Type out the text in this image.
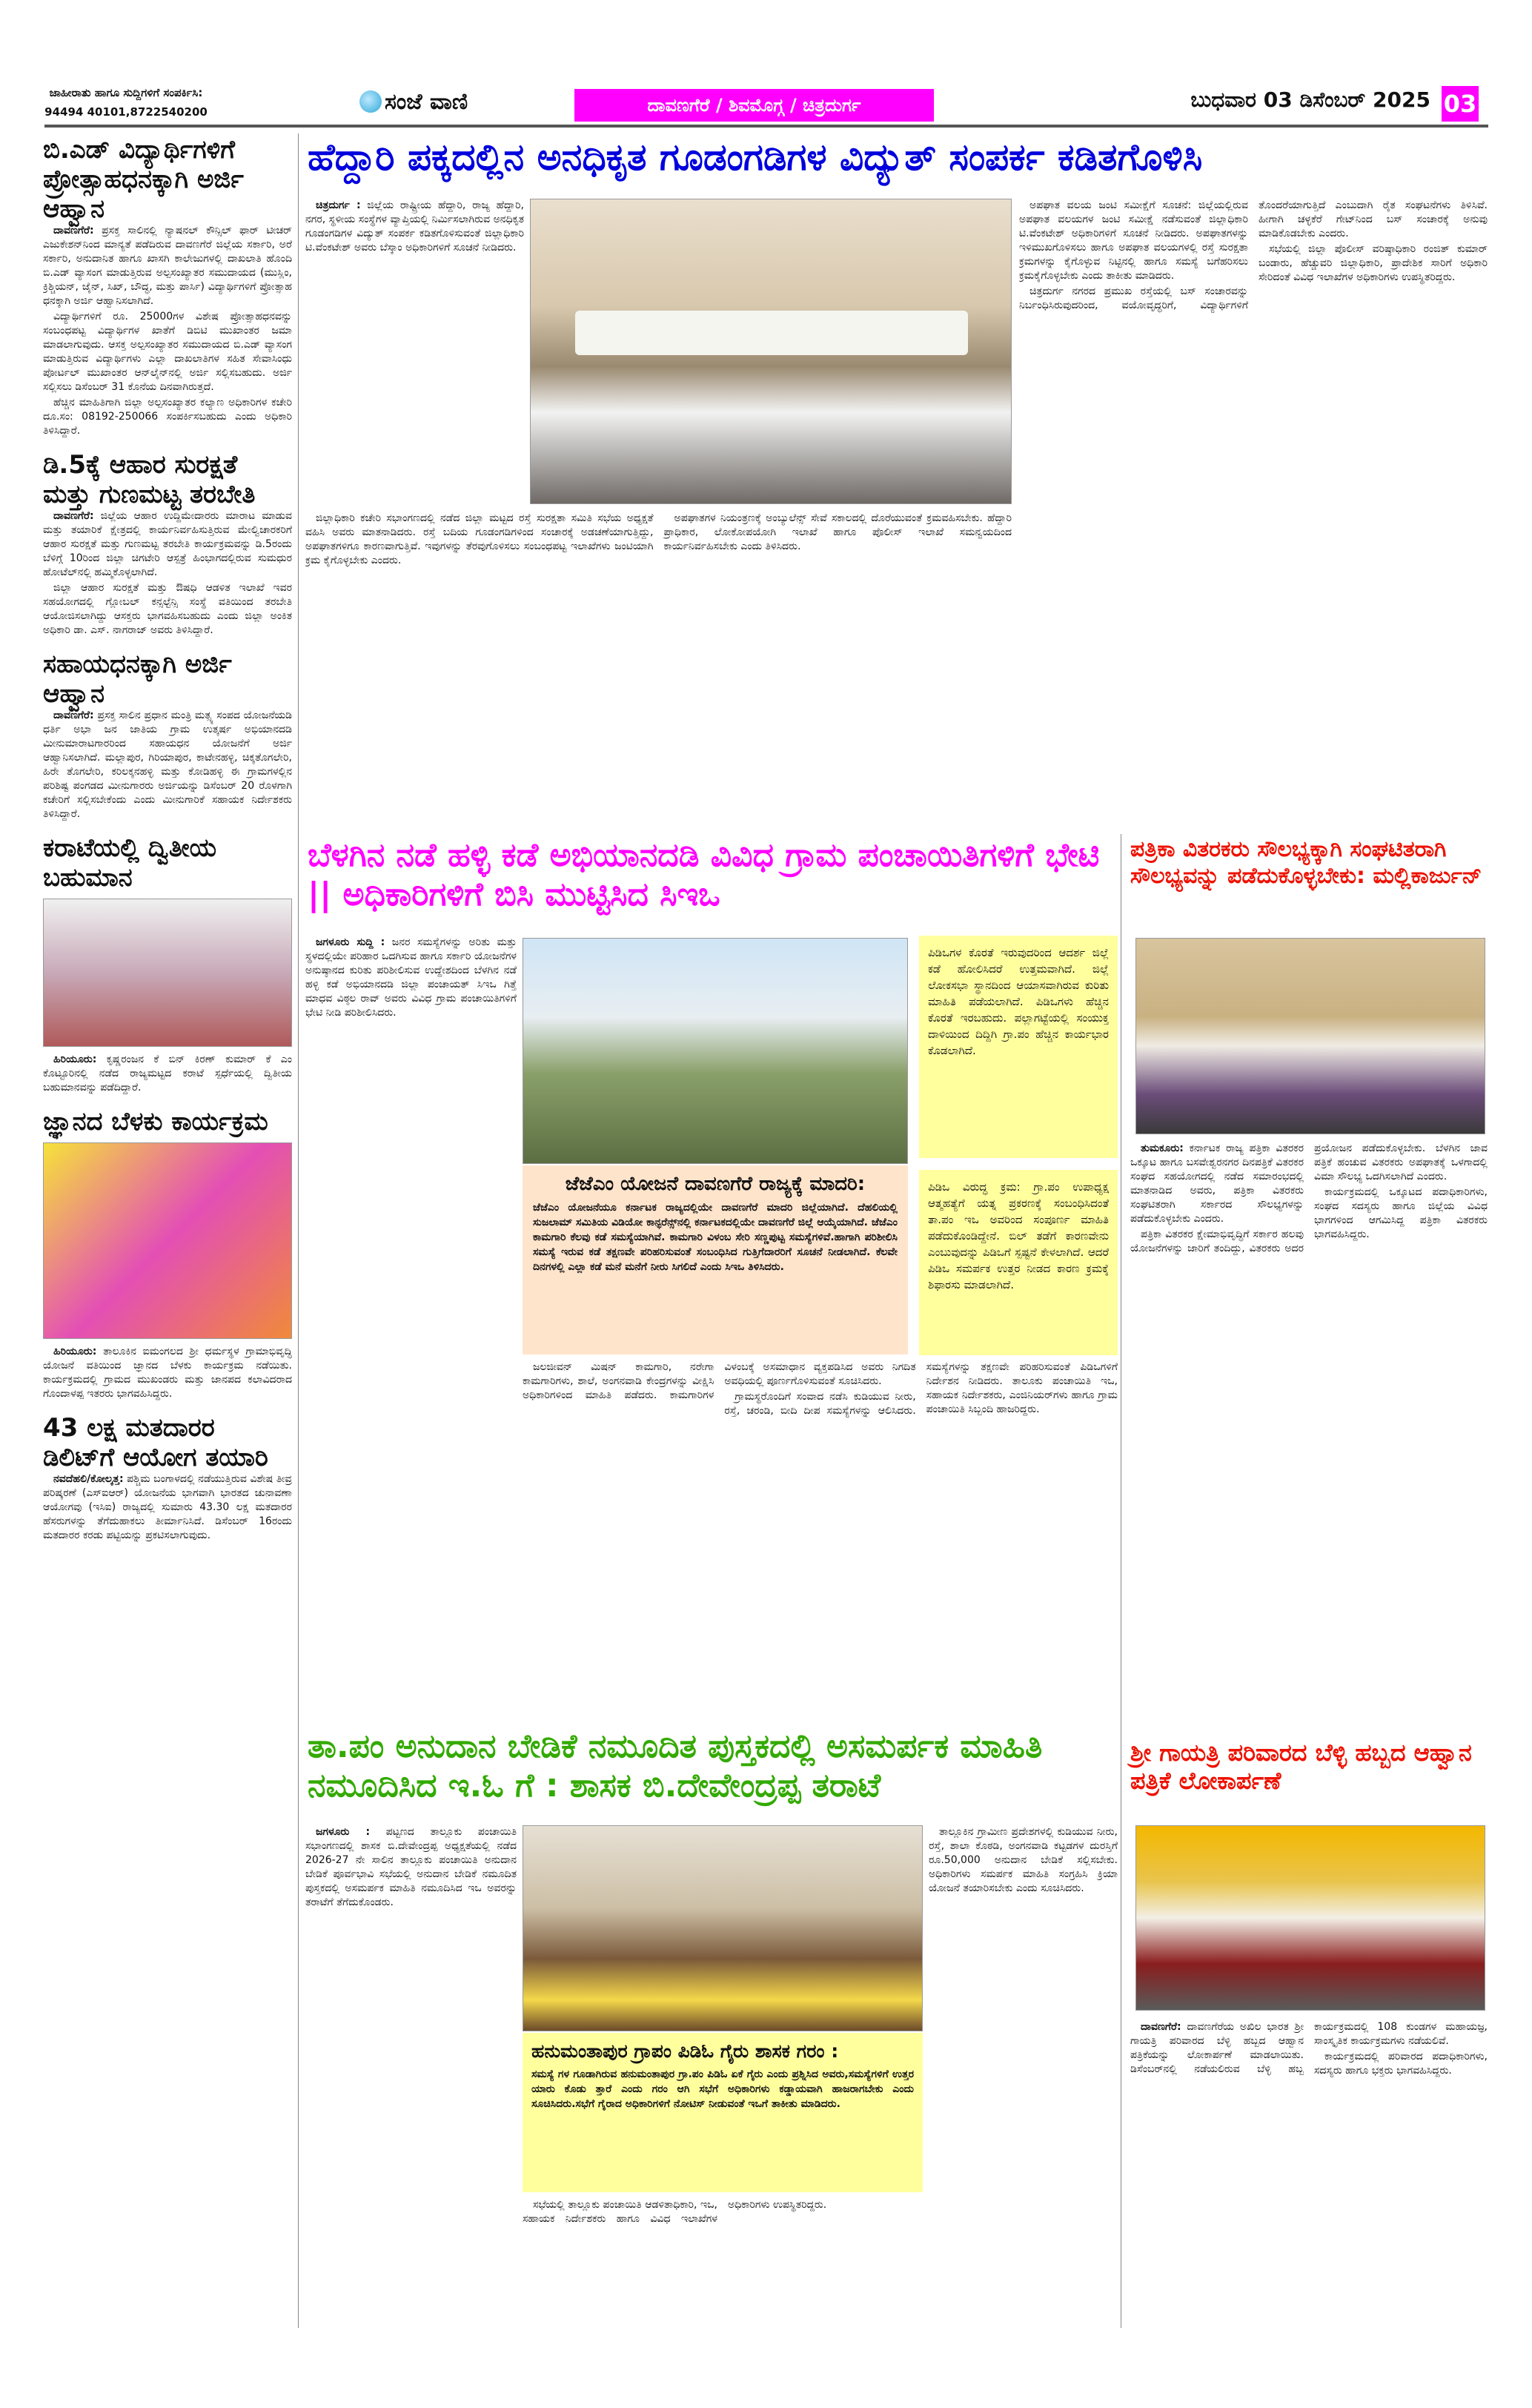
ಜಾಹೀರಾತು ಹಾಗೂ ಸುದ್ದಿಗಳಿಗೆ ಸಂಪರ್ಕಿಸಿ:
94494 40101,8722540200	ಸಂಜೆ ವಾಣಿ	ದಾವಣಗೆರೆ / ಶಿವಮೊಗ್ಗ / ಚಿತ್ರದುರ್ಗ	ಬುಧವಾರ 03 ಡಿಸೆಂಬರ್ 2025 03
ಬಿ.ಎಡ್ ವಿದ್ಯಾರ್ಥಿಗಳಿಗೆ ಪ್ರೋತ್ಸಾಹಧನಕ್ಕಾಗಿ ಅರ್ಜಿ ಆಹ್ವಾನ

ದಾವಣಗೆರೆ: ಪ್ರಸಕ್ತ ಸಾಲಿನಲ್ಲಿ ನ್ಯಾಷನಲ್ ಕೌನ್ಸಿಲ್ ಫಾರ್ ಟೀಚರ್ ಎಜುಕೇಶನ್‌ನಿಂದ ಮಾನ್ಯತೆ ಪಡೆದಿರುವ ದಾವಣಗೆರೆ ಜಿಲ್ಲೆಯ ಸರ್ಕಾರಿ, ಅರೆ ಸರ್ಕಾರಿ, ಅನುದಾನಿತ ಹಾಗೂ ಖಾಸಗಿ ಕಾಲೇಜುಗಳಲ್ಲಿ ದಾಖಲಾತಿ ಹೊಂದಿ ಬಿ.ಎಡ್ ವ್ಯಾಸಂಗ ಮಾಡುತ್ತಿರುವ ಅಲ್ಪಸಂಖ್ಯಾತರ ಸಮುದಾಯದ (ಮುಸ್ಲಿಂ, ಕ್ರಿಶ್ಚಿಯನ್, ಜೈನ್, ಸಿಖ್, ಬೌದ್ಧ, ಮತ್ತು ಪಾರ್ಸಿ) ವಿದ್ಯಾರ್ಥಿಗಳಿಗೆ ಪ್ರೋತ್ಸಾಹ ಧನಕ್ಕಾಗಿ ಅರ್ಜಿ ಆಹ್ವಾನಿಸಲಾಗಿದೆ.

ವಿದ್ಯಾರ್ಥಿಗಳಿಗೆ ರೂ. 25000ಗಳ ವಿಶೇಷ ಪ್ರೋತ್ಸಾಹಧನವನ್ನು ಸಂಬಂಧಪಟ್ಟ ವಿದ್ಯಾರ್ಥಿಗಳ ಖಾತೆಗೆ ಡಿಬಿಟಿ ಮುಖಾಂತರ ಜಮಾ ಮಾಡಲಾಗುವುದು. ಆಸಕ್ತ ಅಲ್ಪಸಂಖ್ಯಾತರ ಸಮುದಾಯದ ಬಿ.ಎಡ್ ವ್ಯಾಸಂಗ ಮಾಡುತ್ತಿರುವ ವಿದ್ಯಾರ್ಥಿಗಳು ಎಲ್ಲಾ ದಾಖಲಾತಿಗಳ ಸಹಿತ ಸೇವಾಸಿಂಧು ಪೋರ್ಟಲ್ ಮುಖಾಂತರ ಆನ್‌ಲೈನ್‌ನಲ್ಲಿ ಅರ್ಜಿ ಸಲ್ಲಿಸಬಹುದು. ಅರ್ಜಿ ಸಲ್ಲಿಸಲು ಡಿಸೆಂಬರ್ 31 ಕೊನೆಯ ದಿನವಾಗಿರುತ್ತದೆ.

ಹೆಚ್ಚಿನ ಮಾಹಿತಿಗಾಗಿ ಜಿಲ್ಲಾ ಅಲ್ಪಸಂಖ್ಯಾತರ ಕಲ್ಯಾಣ ಅಧಿಕಾರಿಗಳ ಕಚೇರಿ ದೂ.ಸಂ: 08192-250066 ಸಂಪರ್ಕಿಸಬಹುದು ಎಂದು ಅಧಿಕಾರಿ ತಿಳಿಸಿದ್ದಾರೆ.

ಡಿ.5ಕ್ಕೆ ಆಹಾರ ಸುರಕ್ಷತೆ ಮತ್ತು ಗುಣಮಟ್ಟ ತರಬೇತಿ

ದಾವಣಗೆರೆ: ಜಿಲ್ಲೆಯ ಆಹಾರ ಉದ್ದಿಮೇದಾರರು ಮಾರಾಟ ಮಾಡುವ ಮತ್ತು ತಯಾರಿಕೆ ಕ್ಷೇತ್ರದಲ್ಲಿ ಕಾರ್ಯನಿರ್ವಹಿಸುತ್ತಿರುವ ಮೇಲ್ವಿಚಾರಕರಿಗೆ ಆಹಾರ ಸುರಕ್ಷತೆ ಮತ್ತು ಗುಣಮಟ್ಟ ತರಬೇತಿ ಕಾರ್ಯಕ್ರಮವನ್ನು ಡಿ.5ರಂದು ಬೆಳಿಗ್ಗೆ 10ರಿಂದ ಜಿಲ್ಲಾ ಚಿಗಟೇರಿ ಆಸ್ಪತ್ರೆ ಹಿಂಭಾಗದಲ್ಲಿರುವ ಸುಮಧುರ ಹೋಟೆಲ್‌ನಲ್ಲಿ ಹಮ್ಮಿಕೊಳ್ಳಲಾಗಿದೆ.

ಜಿಲ್ಲಾ ಆಹಾರ ಸುರಕ್ಷತೆ ಮತ್ತು ಔಷಧಿ ಆಡಳಿತ ಇಲಾಖೆ ಇವರ ಸಹಯೋಗದಲ್ಲಿ ಗ್ಲೋಬಲ್ ಕನ್ಸಲ್ಟೆನ್ಸಿ ಸಂಸ್ಥೆ ವತಿಯಿಂದ ತರಬೇತಿ ಆಯೋಜಿಸಲಾಗಿದ್ದು ಆಸಕ್ತರು ಭಾಗವಹಿಸಬಹುದು ಎಂದು ಜಿಲ್ಲಾ ಅಂಕಿತ ಅಧಿಕಾರಿ ಡಾ. ಎಸ್. ನಾಗರಾಜ್ ಅವರು ತಿಳಿಸಿದ್ದಾರೆ.

ಸಹಾಯಧನಕ್ಕಾಗಿ ಅರ್ಜಿ ಆಹ್ವಾನ

ದಾವಣಗೆರೆ: ಪ್ರಸಕ್ತ ಸಾಲಿನ ಪ್ರಧಾನ ಮಂತ್ರಿ ಮತ್ಸ್ಯ ಸಂಪದ ಯೋಜನೆಯಡಿ ಧರ್ತಿ ಅಭಾ ಜನ ಜಾತಿಯ ಗ್ರಾಮ ಉತ್ಕರ್ಷ ಅಭಿಯಾನದಡಿ ಮೀನುಮಾರಾಟಗಾರರಿಂದ ಸಹಾಯಧನ ಯೋಜನೆಗೆ ಅರ್ಜಿ ಆಹ್ವಾನಿಸಲಾಗಿದೆ. ಮಲ್ಲಾಪುರ, ಗಿರಿಯಾಪುರ, ಕಾಟೇನಹಳ್ಳಿ, ಚಿಕ್ಕತೊಗಲೇರಿ, ಹಿರೇ ತೊಗಲೇರಿ, ಕರಿಲಕ್ಕನಹಳ್ಳಿ ಮತ್ತು ಕೋಡಿಹಳ್ಳಿ ಈ ಗ್ರಾಮಗಳಲ್ಲಿನ ಪರಿಶಿಷ್ಟ ಪಂಗಡದ ಮೀನುಗಾರರು ಅರ್ಜಿಯನ್ನು ಡಿಸೆಂಬರ್ 20 ರೊಳಗಾಗಿ ಕಚೇರಿಗೆ ಸಲ್ಲಿಸಬೇಕೆಂದು ಎಂದು ಮೀನುಗಾರಿಕೆ ಸಹಾಯಕ ನಿರ್ದೇಶಕರು ತಿಳಿಸಿದ್ದಾರೆ.

ಕರಾಟೆಯಲ್ಲಿ ದ್ವಿತೀಯ ಬಹುಮಾನ

ಹಿರಿಯೂರು: ಕೃಷ್ಣರಂಜನ ಕೆ ಬಿನ್ ಕಿರಣ್ ಕುಮಾರ್ ಕೆ ಎಂ ಕೊಟ್ಟೂರಿನಲ್ಲಿ ನಡೆದ ರಾಜ್ಯಮಟ್ಟದ ಕರಾಟೆ ಸ್ಪರ್ಧೆಯಲ್ಲಿ ದ್ವಿತೀಯ ಬಹುಮಾನವನ್ನು ಪಡೆದಿದ್ದಾರೆ.

ಜ್ಞಾನದ ಬೆಳಕು ಕಾರ್ಯಕ್ರಮ

ಹಿರಿಯೂರು: ತಾಲೂಕಿನ ಐಮಂಗಲದ ಶ್ರೀ ಧರ್ಮಸ್ಥಳ ಗ್ರಾಮಾಭಿವೃದ್ಧಿ ಯೋಜನೆ ವತಿಯಿಂದ ಜ್ಞಾನದ ಬೆಳಕು ಕಾರ್ಯಕ್ರಮ ನಡೆಯಿತು. ಕಾರ್ಯಕ್ರಮದಲ್ಲಿ ಗ್ರಾಮದ ಮುಖಂಡರು ಮತ್ತು ಜಾನಪದ ಕಲಾವಿದರಾದ ಗೊಂದಾಳಪ್ಪ ಇತರರು ಭಾಗವಹಿಸಿದ್ದರು.

43 ಲಕ್ಷ ಮತದಾರರ ಡಿಲಿಟ್‌ಗೆ ಆಯೋಗ ತಯಾರಿ

ನವದೆಹಲಿ/ಕೋಲ್ಕತ್ತ: ಪಶ್ಚಿಮ ಬಂಗಾಳದಲ್ಲಿ ನಡೆಯುತ್ತಿರುವ ವಿಶೇಷ ತೀವ್ರ ಪರಿಷ್ಕರಣೆ (ಎಸ್‌ಐಆರ್) ಯೋಜನೆಯ ಭಾಗವಾಗಿ ಭಾರತದ ಚುನಾವಣಾ ಆಯೋಗವು (ಇಸಿಐ) ರಾಜ್ಯದಲ್ಲಿ ಸುಮಾರು 43.30 ಲಕ್ಷ ಮತದಾರರ ಹೆಸರುಗಳನ್ನು ತೆಗೆದುಹಾಕಲು ತೀರ್ಮಾನಿಸಿದೆ. ಡಿಸೆಂಬರ್ 16ರಂದು ಮತದಾರರ ಕರಡು ಪಟ್ಟಿಯನ್ನು ಪ್ರಕಟಿಸಲಾಗುವುದು.

ಹೆದ್ದಾರಿ ಪಕ್ಕದಲ್ಲಿನ ಅನಧಿಕೃತ ಗೂಡಂಗಡಿಗಳ ವಿದ್ಯುತ್ ಸಂಪರ್ಕ ಕಡಿತಗೊಳಿಸಿ

ಚಿತ್ರದುರ್ಗ : ಜಿಲ್ಲೆಯ ರಾಷ್ಟ್ರೀಯ ಹೆದ್ದಾರಿ, ರಾಜ್ಯ ಹೆದ್ದಾರಿ, ನಗರ, ಸ್ಥಳೀಯ ಸಂಸ್ಥೆಗಳ ವ್ಯಾಪ್ತಿಯಲ್ಲಿ ನಿರ್ಮಿಸಲಾಗಿರುವ ಅನಧಿಕೃತ ಗೂಡಂಗಡಿಗಳ ವಿದ್ಯುತ್ ಸಂಪರ್ಕ ಕಡಿತಗೊಳಿಸುವಂತೆ ಜಿಲ್ಲಾಧಿಕಾರಿ ಟಿ.ವೆಂಕಟೇಶ್ ಅವರು ಬೆಸ್ಕಾಂ ಅಧಿಕಾರಿಗಳಿಗೆ ಸೂಚನೆ ನೀಡಿದರು.

ಜಿಲ್ಲಾಧಿಕಾರಿ ಕಚೇರಿ ಸಭಾಂಗಣದಲ್ಲಿ ನಡೆದ ಜಿಲ್ಲಾ ಮಟ್ಟದ ರಸ್ತೆ ಸುರಕ್ಷತಾ ಸಮಿತಿ ಸಭೆಯ ಅಧ್ಯಕ್ಷತೆ ವಹಿಸಿ ಅವರು ಮಾತನಾಡಿದರು. ರಸ್ತೆ ಬದಿಯ ಗೂಡಂಗಡಿಗಳಿಂದ ಸಂಚಾರಕ್ಕೆ ಅಡಚಣೆಯಾಗುತ್ತಿದ್ದು, ಅಪಘಾತಗಳಿಗೂ ಕಾರಣವಾಗುತ್ತಿವೆ. ಇವುಗಳನ್ನು ತೆರವುಗೊಳಿಸಲು ಸಂಬಂಧಪಟ್ಟ ಇಲಾಖೆಗಳು ಜಂಟಿಯಾಗಿ ಕ್ರಮ ಕೈಗೊಳ್ಳಬೇಕು ಎಂದರು.

ಅಪಘಾತಗಳ ನಿಯಂತ್ರಣಕ್ಕೆ ಅಂಬ್ಯುಲೆನ್ಸ್ ಸೇವೆ ಸಕಾಲದಲ್ಲಿ ದೊರೆಯುವಂತೆ ಕ್ರಮವಹಿಸಬೇಕು. ಹೆದ್ದಾರಿ ಪ್ರಾಧಿಕಾರ, ಲೋಕೋಪಯೋಗಿ ಇಲಾಖೆ ಹಾಗೂ ಪೊಲೀಸ್ ಇಲಾಖೆ ಸಮನ್ವಯದಿಂದ ಕಾರ್ಯನಿರ್ವಹಿಸಬೇಕು ಎಂದು ತಿಳಿಸಿದರು.

ಅಪಘಾತ ವಲಯ ಜಂಟಿ ಸಮೀಕ್ಷೆಗೆ ಸೂಚನೆ: ಜಿಲ್ಲೆಯಲ್ಲಿರುವ ಅಪಘಾತ ವಲಯಗಳ ಜಂಟಿ ಸಮೀಕ್ಷೆ ನಡೆಸುವಂತೆ ಜಿಲ್ಲಾಧಿಕಾರಿ ಟಿ.ವೆಂಕಟೇಶ್ ಅಧಿಕಾರಿಗಳಿಗೆ ಸೂಚನೆ ನೀಡಿದರು. ಅಪಘಾತಗಳನ್ನು ಇಳಿಮುಖಗೊಳಿಸಲು ಹಾಗೂ ಅಪಘಾತ ವಲಯಗಳಲ್ಲಿ ರಸ್ತೆ ಸುರಕ್ಷತಾ ಕ್ರಮಗಳನ್ನು ಕೈಗೊಳ್ಳುವ ನಿಟ್ಟಿನಲ್ಲಿ ಹಾಗೂ ಸಮಸ್ಯೆ ಬಗೆಹರಿಸಲು ಕ್ರಮಕೈಗೊಳ್ಳಬೇಕು ಎಂದು ತಾಕೀತು ಮಾಡಿದರು.

ಚಿತ್ರದುರ್ಗ ನಗರದ ಪ್ರಮುಖ ರಸ್ತೆಯಲ್ಲಿ ಬಸ್ ಸಂಚಾರವನ್ನು ನಿರ್ಬಂಧಿಸಿರುವುದರಿಂದ, ವಯೋವೃದ್ಧರಿಗೆ, ವಿದ್ಯಾರ್ಥಿಗಳಿಗೆ ತೊಂದರೆಯಾಗುತ್ತಿದೆ ಎಂಬುದಾಗಿ ರೈತ ಸಂಘಟನೆಗಳು ತಿಳಿಸಿವೆ. ಹೀಗಾಗಿ ಚಳ್ಳಕೆರೆ ಗೇಟ್‌ನಿಂದ ಬಸ್ ಸಂಚಾರಕ್ಕೆ ಅನುವು ಮಾಡಿಕೊಡಬೇಕು ಎಂದರು.

ಸಭೆಯಲ್ಲಿ ಜಿಲ್ಲಾ ಪೊಲೀಸ್ ವರಿಷ್ಠಾಧಿಕಾರಿ ರಂಜಿತ್ ಕುಮಾರ್ ಬಂಡಾರು, ಹೆಚ್ಚುವರಿ ಜಿಲ್ಲಾಧಿಕಾರಿ, ಪ್ರಾದೇಶಿಕ ಸಾರಿಗೆ ಅಧಿಕಾರಿ ಸೇರಿದಂತೆ ವಿವಿಧ ಇಲಾಖೆಗಳ ಅಧಿಕಾರಿಗಳು ಉಪಸ್ಥಿತರಿದ್ದರು.

ಬೆಳಗಿನ ನಡೆ ಹಳ್ಳಿ ಕಡೆ ಅಭಿಯಾನದಡಿ ವಿವಿಧ ಗ್ರಾಮ ಪಂಚಾಯಿತಿಗಳಿಗೆ ಭೇಟಿ || ಅಧಿಕಾರಿಗಳಿಗೆ ಬಿಸಿ ಮುಟ್ಟಿಸಿದ ಸಿಇಒ

ಜಗಳೂರು ಸುದ್ದಿ : ಜನರ ಸಮಸ್ಯೆಗಳನ್ನು ಅರಿತು ಮತ್ತು ಸ್ಥಳದಲ್ಲಿಯೇ ಪರಿಹಾರ ಒದಗಿಸುವ ಹಾಗೂ ಸರ್ಕಾರಿ ಯೋಜನೆಗಳ ಅನುಷ್ಠಾನದ ಕುರಿತು ಪರಿಶೀಲಿಸುವ ಉದ್ದೇಶದಿಂದ ಬೆಳಗಿನ ನಡೆ ಹಳ್ಳಿ ಕಡೆ ಅಭಿಯಾನದಡಿ ಜಿಲ್ಲಾ ಪಂಚಾಯತ್ ಸಿಇಒ ಗಿತ್ತೆ ಮಾಧವ ವಿಠ್ಠಲ ರಾವ್ ಅವರು ವಿವಿಧ ಗ್ರಾಮ ಪಂಚಾಯಿತಿಗಳಿಗೆ ಭೇಟಿ ನೀಡಿ ಪರಿಶೀಲಿಸಿದರು.

ಪಿಡಿಒಗಳ ಕೊರತೆ ಇರುವುದರಿಂದ ಆದರ್ಶ ಜಿಲ್ಲೆ ಕಡೆ ಹೋಲಿಸಿದರೆ ಉತ್ತಮವಾಗಿದೆ. ಜಿಲ್ಲೆ ಲೋಕಸಭಾ ಸ್ಥಾನದಿಂದ ಆಯಾಸವಾಗಿರುವ ಕುರಿತು ಮಾಹಿತಿ ಪಡೆಯಲಾಗಿದೆ. ಪಿಡಿಒಗಳು ಹೆಚ್ಚಿನ ಕೊರತೆ ಇರಬಹುದು. ಪಲ್ಲಾಗಟ್ಟೆಯಲ್ಲಿ ಸಂಯುಕ್ತ ದಾಳಿಯಿಂದ ದಿದ್ದಿಗಿ ಗ್ರಾ.ಪಂ ಹೆಚ್ಚಿನ ಕಾರ್ಯಭಾರ ಕೊಡಲಾಗಿದೆ.
ಜೆಜೆಎಂ ಯೋಜನೆ ದಾವಣಗೆರೆ ರಾಜ್ಯಕ್ಕೆ ಮಾದರಿ:
ಜೆಜೆಎಂ ಯೋಜನೆಯೂ ಕರ್ನಾಟಕ ರಾಜ್ಯದಲ್ಲಿಯೇ ದಾವಣಗೆರೆ ಮಾದರಿ ಜಿಲ್ಲೆಯಾಗಿದೆ. ದೆಹಲಿಯಲ್ಲಿ ಸುಜಲಾಮ್ ಸಮಿತಿಯ ವಿಡಿಯೋ ಕಾನ್ಫರೆನ್ಸ್‌ನಲ್ಲಿ ಕರ್ನಾಟಕದಲ್ಲಿಯೇ ದಾವಣಗೆರೆ ಜಿಲ್ಲೆ ಆಯ್ಕೆಯಾಗಿದೆ. ಜೆಜೆಎಂ ಕಾಮಗಾರಿ ಕೆಲವು ಕಡೆ ಸಮಸ್ಯೆಯಾಗಿವೆ. ಕಾಮಗಾರಿ ವಿಳಂಬ ಸೇರಿ ಸಣ್ಣಪುಟ್ಟ ಸಮಸ್ಯೆಗಳಿವೆ.ಹಾಗಾಗಿ ಪರಿಶೀಲಿಸಿ ಸಮಸ್ಯೆ ಇರುವ ಕಡೆ ತಕ್ಷಣವೇ ಪರಿಹರಿಸುವಂತೆ ಸಂಬಂಧಿಸಿದ ಗುತ್ತಿಗೆದಾರರಿಗೆ ಸೂಚನೆ ನೀಡಲಾಗಿದೆ. ಕೆಲವೇ ದಿನಗಳಲ್ಲಿ ಎಲ್ಲಾ ಕಡೆ ಮನೆ ಮನೆಗೆ ನೀರು ಸಿಗಲಿದೆ ಎಂದು ಸಿಇಒ ತಿಳಿಸಿದರು.
ಪಿಡಿಒ ವಿರುದ್ಧ ಕ್ರಮ: ಗ್ರಾ.ಪಂ ಉಪಾಧ್ಯಕ್ಷ ಆತ್ಮಹತ್ಯೆಗೆ ಯತ್ನ ಪ್ರಕರಣಕ್ಕೆ ಸಂಬಂಧಿಸಿದಂತೆ ತಾ.ಪಂ ಇಒ ಅವರಿಂದ ಸಂಪೂರ್ಣ ಮಾಹಿತಿ ಪಡೆದುಕೊಂಡಿದ್ದೇನೆ. ಬಿಲ್ ತಡೆಗೆ ಕಾರಣವೇನು ಎಂಬುವುದನ್ನು ಪಿಡಿಒಗೆ ಸ್ಪಷ್ಟನೆ ಕೇಳಲಾಗಿದೆ. ಆದರೆ ಪಿಡಿಒ ಸಮರ್ಪಕ ಉತ್ತರ ನೀಡದ ಕಾರಣ ಕ್ರಮಕ್ಕೆ ಶಿಫಾರಸು ಮಾಡಲಾಗಿದೆ.

ಜಲಜೀವನ್ ಮಿಷನ್ ಕಾಮಗಾರಿ, ನರೇಗಾ ಕಾಮಗಾರಿಗಳು, ಶಾಲೆ, ಅಂಗನವಾಡಿ ಕೇಂದ್ರಗಳನ್ನು ವೀಕ್ಷಿಸಿ ಅಧಿಕಾರಿಗಳಿಂದ ಮಾಹಿತಿ ಪಡೆದರು. ಕಾಮಗಾರಿಗಳ ವಿಳಂಬಕ್ಕೆ ಅಸಮಾಧಾನ ವ್ಯಕ್ತಪಡಿಸಿದ ಅವರು ನಿಗದಿತ ಅವಧಿಯಲ್ಲಿ ಪೂರ್ಣಗೊಳಿಸುವಂತೆ ಸೂಚಿಸಿದರು.

ಗ್ರಾಮಸ್ಥರೊಂದಿಗೆ ಸಂವಾದ ನಡೆಸಿ ಕುಡಿಯುವ ನೀರು, ರಸ್ತೆ, ಚರಂಡಿ, ಬೀದಿ ದೀಪ ಸಮಸ್ಯೆಗಳನ್ನು ಆಲಿಸಿದರು. ಸಮಸ್ಯೆಗಳನ್ನು ತಕ್ಷಣವೇ ಪರಿಹರಿಸುವಂತೆ ಪಿಡಿಒಗಳಿಗೆ ನಿರ್ದೇಶನ ನೀಡಿದರು. ತಾಲೂಕು ಪಂಚಾಯಿತಿ ಇಒ, ಸಹಾಯಕ ನಿರ್ದೇಶಕರು, ಎಂಜಿನಿಯರ್‌ಗಳು ಹಾಗೂ ಗ್ರಾಮ ಪಂಚಾಯಿತಿ ಸಿಬ್ಬಂದಿ ಹಾಜರಿದ್ದರು.

ಪತ್ರಿಕಾ ವಿತರಕರು ಸೌಲಭ್ಯಕ್ಕಾಗಿ ಸಂಘಟಿತರಾಗಿ ಸೌಲಭ್ಯವನ್ನು ಪಡೆದುಕೊಳ್ಳಬೇಕು: ಮಲ್ಲಿಕಾರ್ಜುನ್

ತುಮಕೂರು: ಕರ್ನಾಟಕ ರಾಜ್ಯ ಪತ್ರಿಕಾ ವಿತರಕರ ಒಕ್ಕೂಟ ಹಾಗೂ ಬಸವೇಶ್ವರನಗರ ದಿನಪತ್ರಿಕೆ ವಿತರಕರ ಸಂಘದ ಸಹಯೋಗದಲ್ಲಿ ನಡೆದ ಸಮಾರಂಭದಲ್ಲಿ ಮಾತನಾಡಿದ ಅವರು, ಪತ್ರಿಕಾ ವಿತರಕರು ಸಂಘಟಿತರಾಗಿ ಸರ್ಕಾರದ ಸೌಲಭ್ಯಗಳನ್ನು ಪಡೆದುಕೊಳ್ಳಬೇಕು ಎಂದರು.

ಪತ್ರಿಕಾ ವಿತರಕರ ಕ್ಷೇಮಾಭಿವೃದ್ಧಿಗೆ ಸರ್ಕಾರ ಹಲವು ಯೋಜನೆಗಳನ್ನು ಜಾರಿಗೆ ತಂದಿದ್ದು, ವಿತರಕರು ಅದರ ಪ್ರಯೋಜನ ಪಡೆದುಕೊಳ್ಳಬೇಕು. ಬೆಳಗಿನ ಜಾವ ಪತ್ರಿಕೆ ಹಂಚುವ ವಿತರಕರು ಅಪಘಾತಕ್ಕೆ ಒಳಗಾದಲ್ಲಿ ವಿಮಾ ಸೌಲಭ್ಯ ಒದಗಿಸಲಾಗಿದೆ ಎಂದರು.

ಕಾರ್ಯಕ್ರಮದಲ್ಲಿ ಒಕ್ಕೂಟದ ಪದಾಧಿಕಾರಿಗಳು, ಸಂಘದ ಸದಸ್ಯರು ಹಾಗೂ ಜಿಲ್ಲೆಯ ವಿವಿಧ ಭಾಗಗಳಿಂದ ಆಗಮಿಸಿದ್ದ ಪತ್ರಿಕಾ ವಿತರಕರು ಭಾಗವಹಿಸಿದ್ದರು.

ತಾ.ಪಂ ಅನುದಾನ ಬೇಡಿಕೆ ನಮೂದಿತ ಪುಸ್ತಕದಲ್ಲಿ ಅಸಮರ್ಪಕ ಮಾಹಿತಿ ನಮೂದಿಸಿದ ಇ.ಓ ಗೆ : ಶಾಸಕ ಬಿ.ದೇವೇಂದ್ರಪ್ಪ ತರಾಟೆ

ಜಗಳೂರು : ಪಟ್ಟಣದ ತಾಲ್ಲೂಕು ಪಂಚಾಯಿತಿ ಸಭಾಂಗಣದಲ್ಲಿ ಶಾಸಕ ಬಿ.ದೇವೇಂದ್ರಪ್ಪ ಅಧ್ಯಕ್ಷತೆಯಲ್ಲಿ ನಡೆದ 2026-27 ನೇ ಸಾಲಿನ ತಾಲ್ಲೂಕು ಪಂಚಾಯಿತಿ ಅನುದಾನ ಬೇಡಿಕೆ ಪೂರ್ವಭಾವಿ ಸಭೆಯಲ್ಲಿ ಅನುದಾನ ಬೇಡಿಕೆ ನಮೂದಿತ ಪುಸ್ತಕದಲ್ಲಿ ಅಸಮರ್ಪಕ ಮಾಹಿತಿ ನಮೂದಿಸಿದ ಇಒ ಅವರನ್ನು ತರಾಟೆಗೆ ತೆಗೆದುಕೊಂಡರು.

ಹನುಮಂತಾಪುರ ಗ್ರಾಪಂ ಪಿಡಿಓ ಗೈರು ಶಾಸಕ ಗರಂ :
ಸಮಸ್ಯೆ ಗಳ ಗೂಡಾಗಿರುವ ಹನುಮಂತಾಪುರ ಗ್ರಾ.ಪಂ ಪಿಡಿಓ ಏಕೆ ಗೈರು ಎಂದು ಪ್ರಶ್ನಿಸಿದ ಅವರು,ಸಮಸ್ಯೆಗಳಿಗೆ ಉತ್ತರ ಯಾರು ಕೊಡು ತ್ತಾರೆ ಎಂದು ಗರಂ ಆಗಿ ಸಭೆಗೆ ಅಧಿಕಾರಿಗಳು ಕಡ್ಡಾಯವಾಗಿ ಹಾಜರಾಗಬೇಕು ಎಂದು ಸೂಚಿಸಿದರು.ಸಭೆಗೆ ಗೈರಾದ ಅಧಿಕಾರಿಗಳಿಗೆ ನೋಟಿಸ್ ನೀಡುವಂತೆ ಇಒಗೆ ತಾಕೀತು ಮಾಡಿದರು.

ಸಭೆಯಲ್ಲಿ ತಾಲ್ಲೂಕು ಪಂಚಾಯಿತಿ ಆಡಳಿತಾಧಿಕಾರಿ, ಇಒ, ಸಹಾಯಕ ನಿರ್ದೇಶಕರು ಹಾಗೂ ವಿವಿಧ ಇಲಾಖೆಗಳ ಅಧಿಕಾರಿಗಳು ಉಪಸ್ಥಿತರಿದ್ದರು.

ತಾಲ್ಲೂಕಿನ ಗ್ರಾಮೀಣ ಪ್ರದೇಶಗಳಲ್ಲಿ ಕುಡಿಯುವ ನೀರು, ರಸ್ತೆ, ಶಾಲಾ ಕೊಠಡಿ, ಅಂಗನವಾಡಿ ಕಟ್ಟಡಗಳ ದುರಸ್ತಿಗೆ ರೂ.50,000 ಅನುದಾನ ಬೇಡಿಕೆ ಸಲ್ಲಿಸಬೇಕು. ಅಧಿಕಾರಿಗಳು ಸಮರ್ಪಕ ಮಾಹಿತಿ ಸಂಗ್ರಹಿಸಿ ಕ್ರಿಯಾ ಯೋಜನೆ ತಯಾರಿಸಬೇಕು ಎಂದು ಸೂಚಿಸಿದರು.

ಶ್ರೀ ಗಾಯತ್ರಿ ಪರಿವಾರದ ಬೆಳ್ಳಿ ಹಬ್ಬದ ಆಹ್ವಾನ ಪತ್ರಿಕೆ ಲೋಕಾರ್ಪಣೆ

ದಾವಣಗೆರೆ: ದಾವಣಗೆರೆಯ ಅಖಿಲ ಭಾರತ ಶ್ರೀ ಗಾಯತ್ರಿ ಪರಿವಾರದ ಬೆಳ್ಳಿ ಹಬ್ಬದ ಆಹ್ವಾನ ಪತ್ರಿಕೆಯನ್ನು ಲೋಕಾರ್ಪಣೆ ಮಾಡಲಾಯಿತು. ಡಿಸೆಂಬರ್‌ನಲ್ಲಿ ನಡೆಯಲಿರುವ ಬೆಳ್ಳಿ ಹಬ್ಬ ಕಾರ್ಯಕ್ರಮದಲ್ಲಿ 108 ಕುಂಡಗಳ ಮಹಾಯಜ್ಞ, ಸಾಂಸ್ಕೃತಿಕ ಕಾರ್ಯಕ್ರಮಗಳು ನಡೆಯಲಿವೆ.

ಕಾರ್ಯಕ್ರಮದಲ್ಲಿ ಪರಿವಾರದ ಪದಾಧಿಕಾರಿಗಳು, ಸದಸ್ಯರು ಹಾಗೂ ಭಕ್ತರು ಭಾಗವಹಿಸಿದ್ದರು.
